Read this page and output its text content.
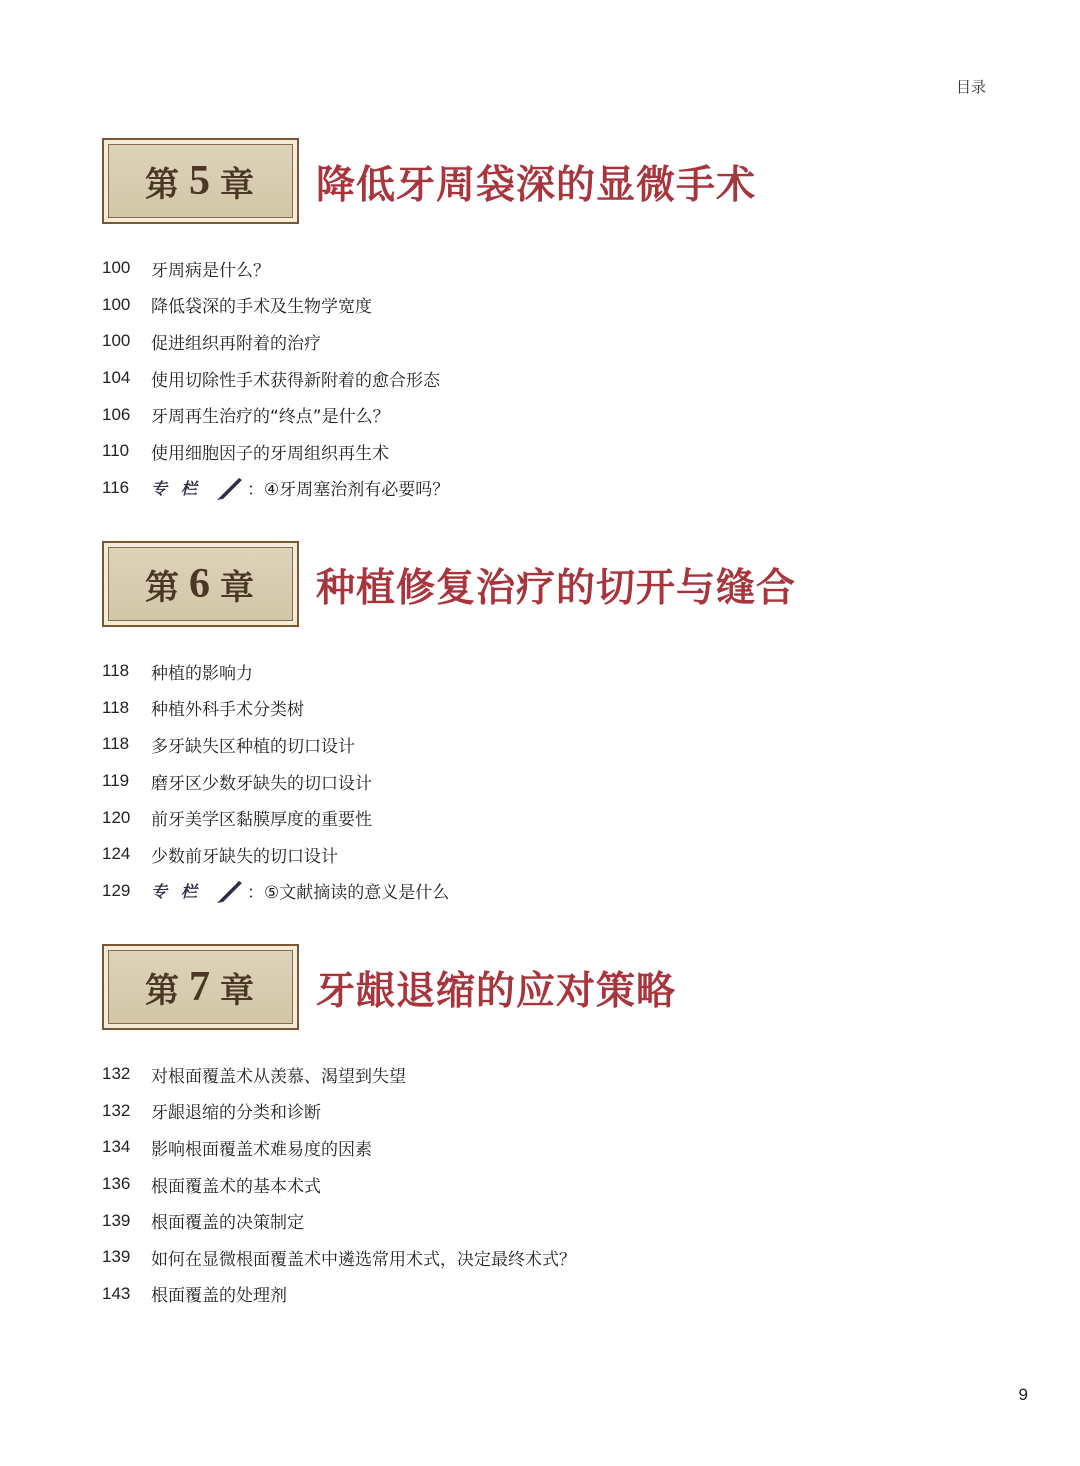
目录
第 5 章 降低牙周袋深的显微手术
100	牙周病是什么？
100	降低袋深的手术及生物学宽度
100	促进组织再附着的治疗
104	使用切除性手术获得新附着的愈合形态
106	牙周再生治疗的“终点”是什么？
110	使用细胞因子的牙周组织再生术
116	专栏 ：④牙周塞治剂有必要吗？
第 6 章 种植修复治疗的切开与缝合
118	种植的影响力
118	种植外科手术分类树
118	多牙缺失区种植的切口设计
119	磨牙区少数牙缺失的切口设计
120	前牙美学区黏膜厚度的重要性
124	少数前牙缺失的切口设计
129	专栏 ：⑤文献摘读的意义是什么
第 7 章 牙龈退缩的应对策略
132	对根面覆盖术从羡慕、渴望到失望
132	牙龈退缩的分类和诊断
134	影响根面覆盖术难易度的因素
136	根面覆盖术的基本术式
139	根面覆盖的决策制定
139	如何在显微根面覆盖术中遴选常用术式，决定最终术式？
143	根面覆盖的处理剂
9
